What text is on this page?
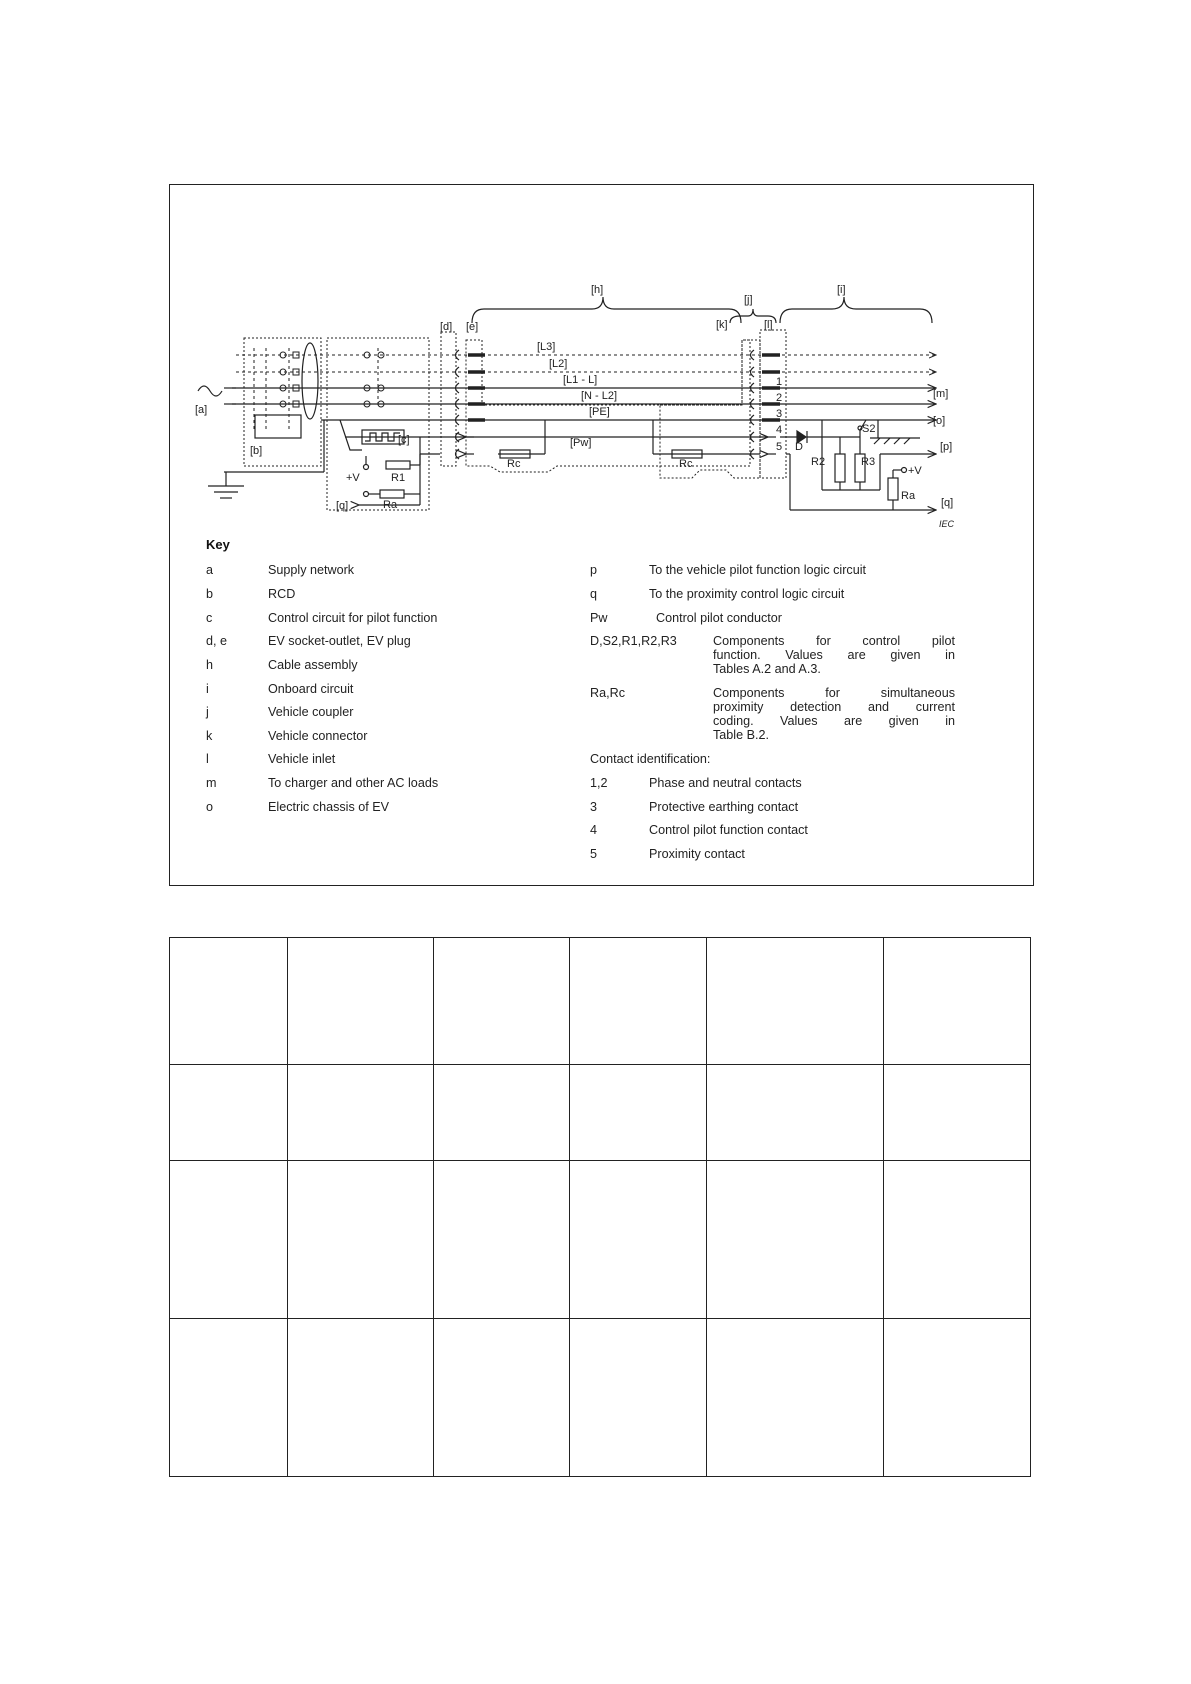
[a]
[b]
[c]
[d] [e]
[h]	[i]
[j]
[k]	[l]
[m]
[o]
[p]
[q]	[q]
[L3]
[L2]
[L1 - L]
[N - L2]
[PE]
[Pw]
Rc	Rc
R1
Ra
Ra
+V
+V
R2	R3
S2
D
1
2
3
4
5
IEC
Key
a	Supply network
b	RCD
c	Control circuit for pilot function
d, e	EV socket-outlet, EV plug
h	Cable assembly
i	Onboard circuit
j	Vehicle coupler
k	Vehicle connector
l	Vehicle inlet
m	To charger and other AC loads
o	Electric chassis of EV
p	To the vehicle pilot function logic circuit
q	To the proximity control logic circuit
Pw	Control pilot conductor
D,S2,R1,R2,R3	Components for control pilot
function. Values are given in
Tables A.2 and A.3.
Ra,Rc	Components for simultaneous
proximity detection and current
coding. Values are given in
Table B.2.
Contact identification:
1,2	Phase and neutral contacts
3	Protective earthing contact
4	Control pilot function contact
5	Proximity contact
